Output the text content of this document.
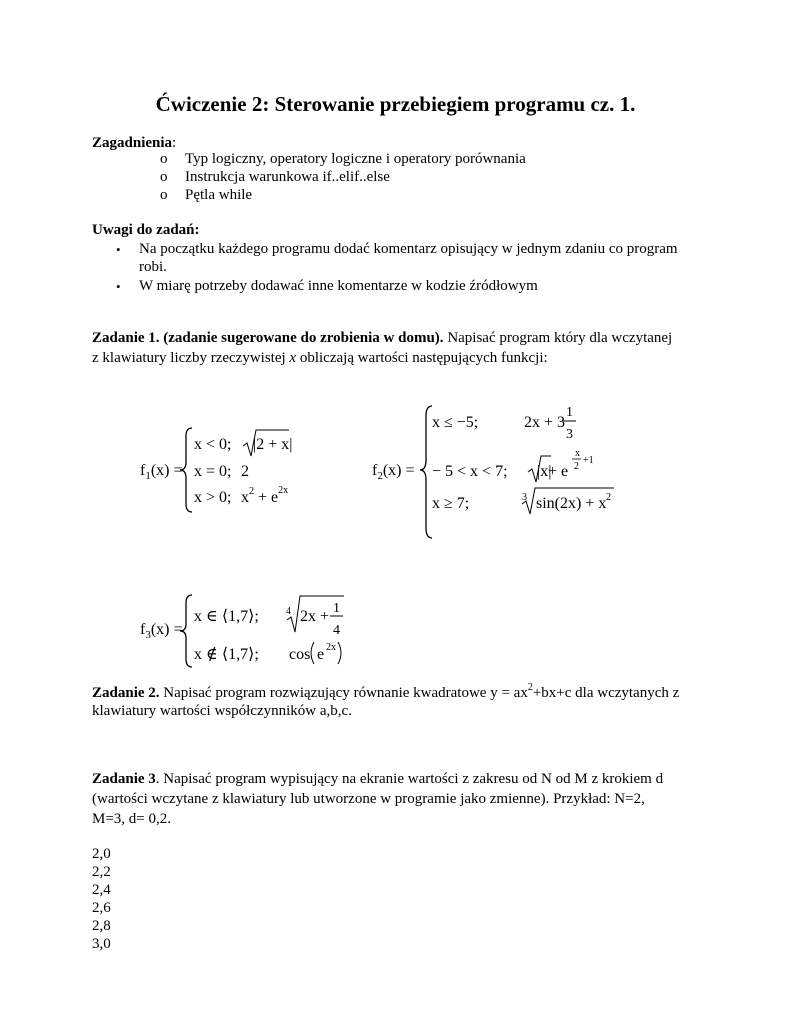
Ćwiczenie 2: Sterowanie przebiegiem programu cz. 1.
Zagadnienia:
o Typ logiczny, operatory logiczne i operatory porównania
o Instrukcja warunkowa if..elif..else
o Pętla while
Uwagi do zadań:
• Na początku każdego programu dodać komentarz opisujący w jednym zdaniu co program
robi.
• W miarę potrzeby dodawać inne komentarze w kodzie źródłowym
Zadanie 1. (zadanie sugerowane do zrobienia w domu). Napisać program który dla wczytanej
z klawiatury liczby rzeczywistej x obliczają wartości następujących funkcji:
$f_1(x)$ =
x < 0; |2 + x|
x = 0; 2
x > 0; $x^2 + e^{2x}$
$f_2(x)$ =
x ≤ −5;	2x + 3
1
3
− 5 < x < 7; |x|
+ e
x
2
+1
x ≥ 7;	3 sin(2x) + x 2
$f_3(x)$ =
x ∈ ⟨1,7⟩;	4 2x + 1
4
x ∉ ⟨1,7⟩; cos e 2x
Zadanie 2. Napisać program rozwiązujący równanie kwadratowe $y = ax^2+bx+c$ dla wczytanych z
klawiatury wartości współczynników a,b,c.
Zadanie 3. Napisać program wypisujący na ekranie wartości z zakresu od N od M z krokiem d
(wartości wczytane z klawiatury lub utworzone w programie jako zmienne). Przykład: N=2,
M=3, d= 0,2.
2,0
2,2
2,4
2,6
2,8
3,0
